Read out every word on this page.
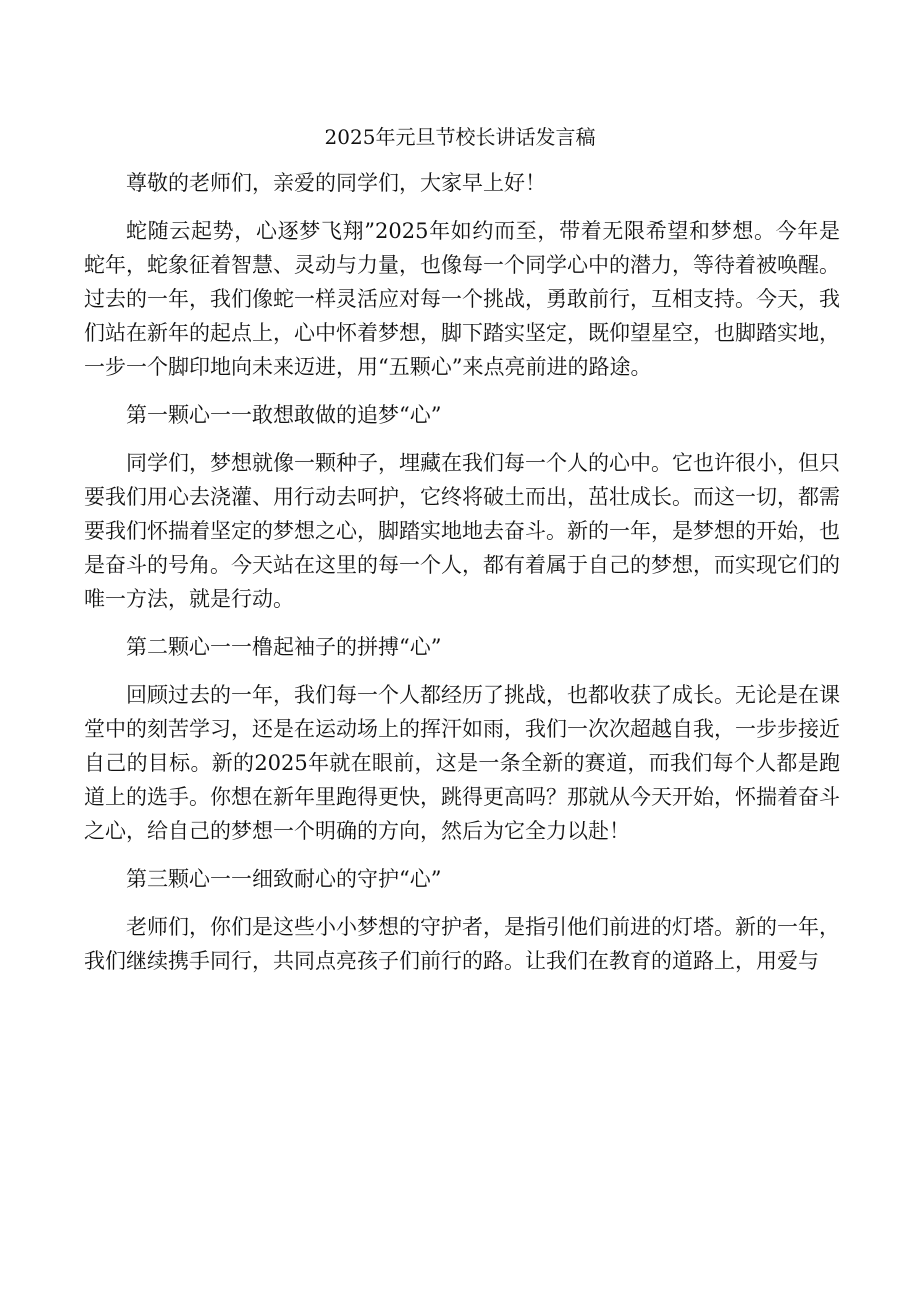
2025年元旦节校长讲话发言稿

尊敬的老师们，亲爱的同学们，大家早上好！

蛇随云起势，心逐梦飞翔”2025年如约而至，带着无限希望和梦想。今年是蛇年，蛇象征着智慧、灵动与力量，也像每一个同学心中的潜力，等待着被唤醒。过去的一年，我们像蛇一样灵活应对每一个挑战，勇敢前行，互相支持。今天，我们站在新年的起点上，心中怀着梦想，脚下踏实坚定，既仰望星空，也脚踏实地，一步一个脚印地向未来迈进，用“五颗心”来点亮前进的路途。

第一颗心一一敢想敢做的追梦“心”

同学们，梦想就像一颗种子，埋藏在我们每一个人的心中。它也许很小，但只要我们用心去浇灌、用行动去呵护，它终将破土而出，茁壮成长。而这一切，都需要我们怀揣着坚定的梦想之心，脚踏实地地去奋斗。新的一年，是梦想的开始，也是奋斗的号角。今天站在这里的每一个人，都有着属于自己的梦想，而实现它们的唯一方法，就是行动。

第二颗心一一橹起袖子的拼搏“心”

回顾过去的一年，我们每一个人都经历了挑战，也都收获了成长。无论是在课堂中的刻苦学习，还是在运动场上的挥汗如雨，我们一次次超越自我，一步步接近自己的目标。新的2025年就在眼前，这是一条全新的赛道，而我们每个人都是跑道上的选手。你想在新年里跑得更快，跳得更高吗？那就从今天开始，怀揣着奋斗之心，给自己的梦想一个明确的方向，然后为它全力以赴！

第三颗心一一细致耐心的守护“心”

老师们，你们是这些小小梦想的守护者，是指引他们前进的灯塔。新的一年，我们继续携手同行，共同点亮孩子们前行的路。让我们在教育的道路上，用爱与
